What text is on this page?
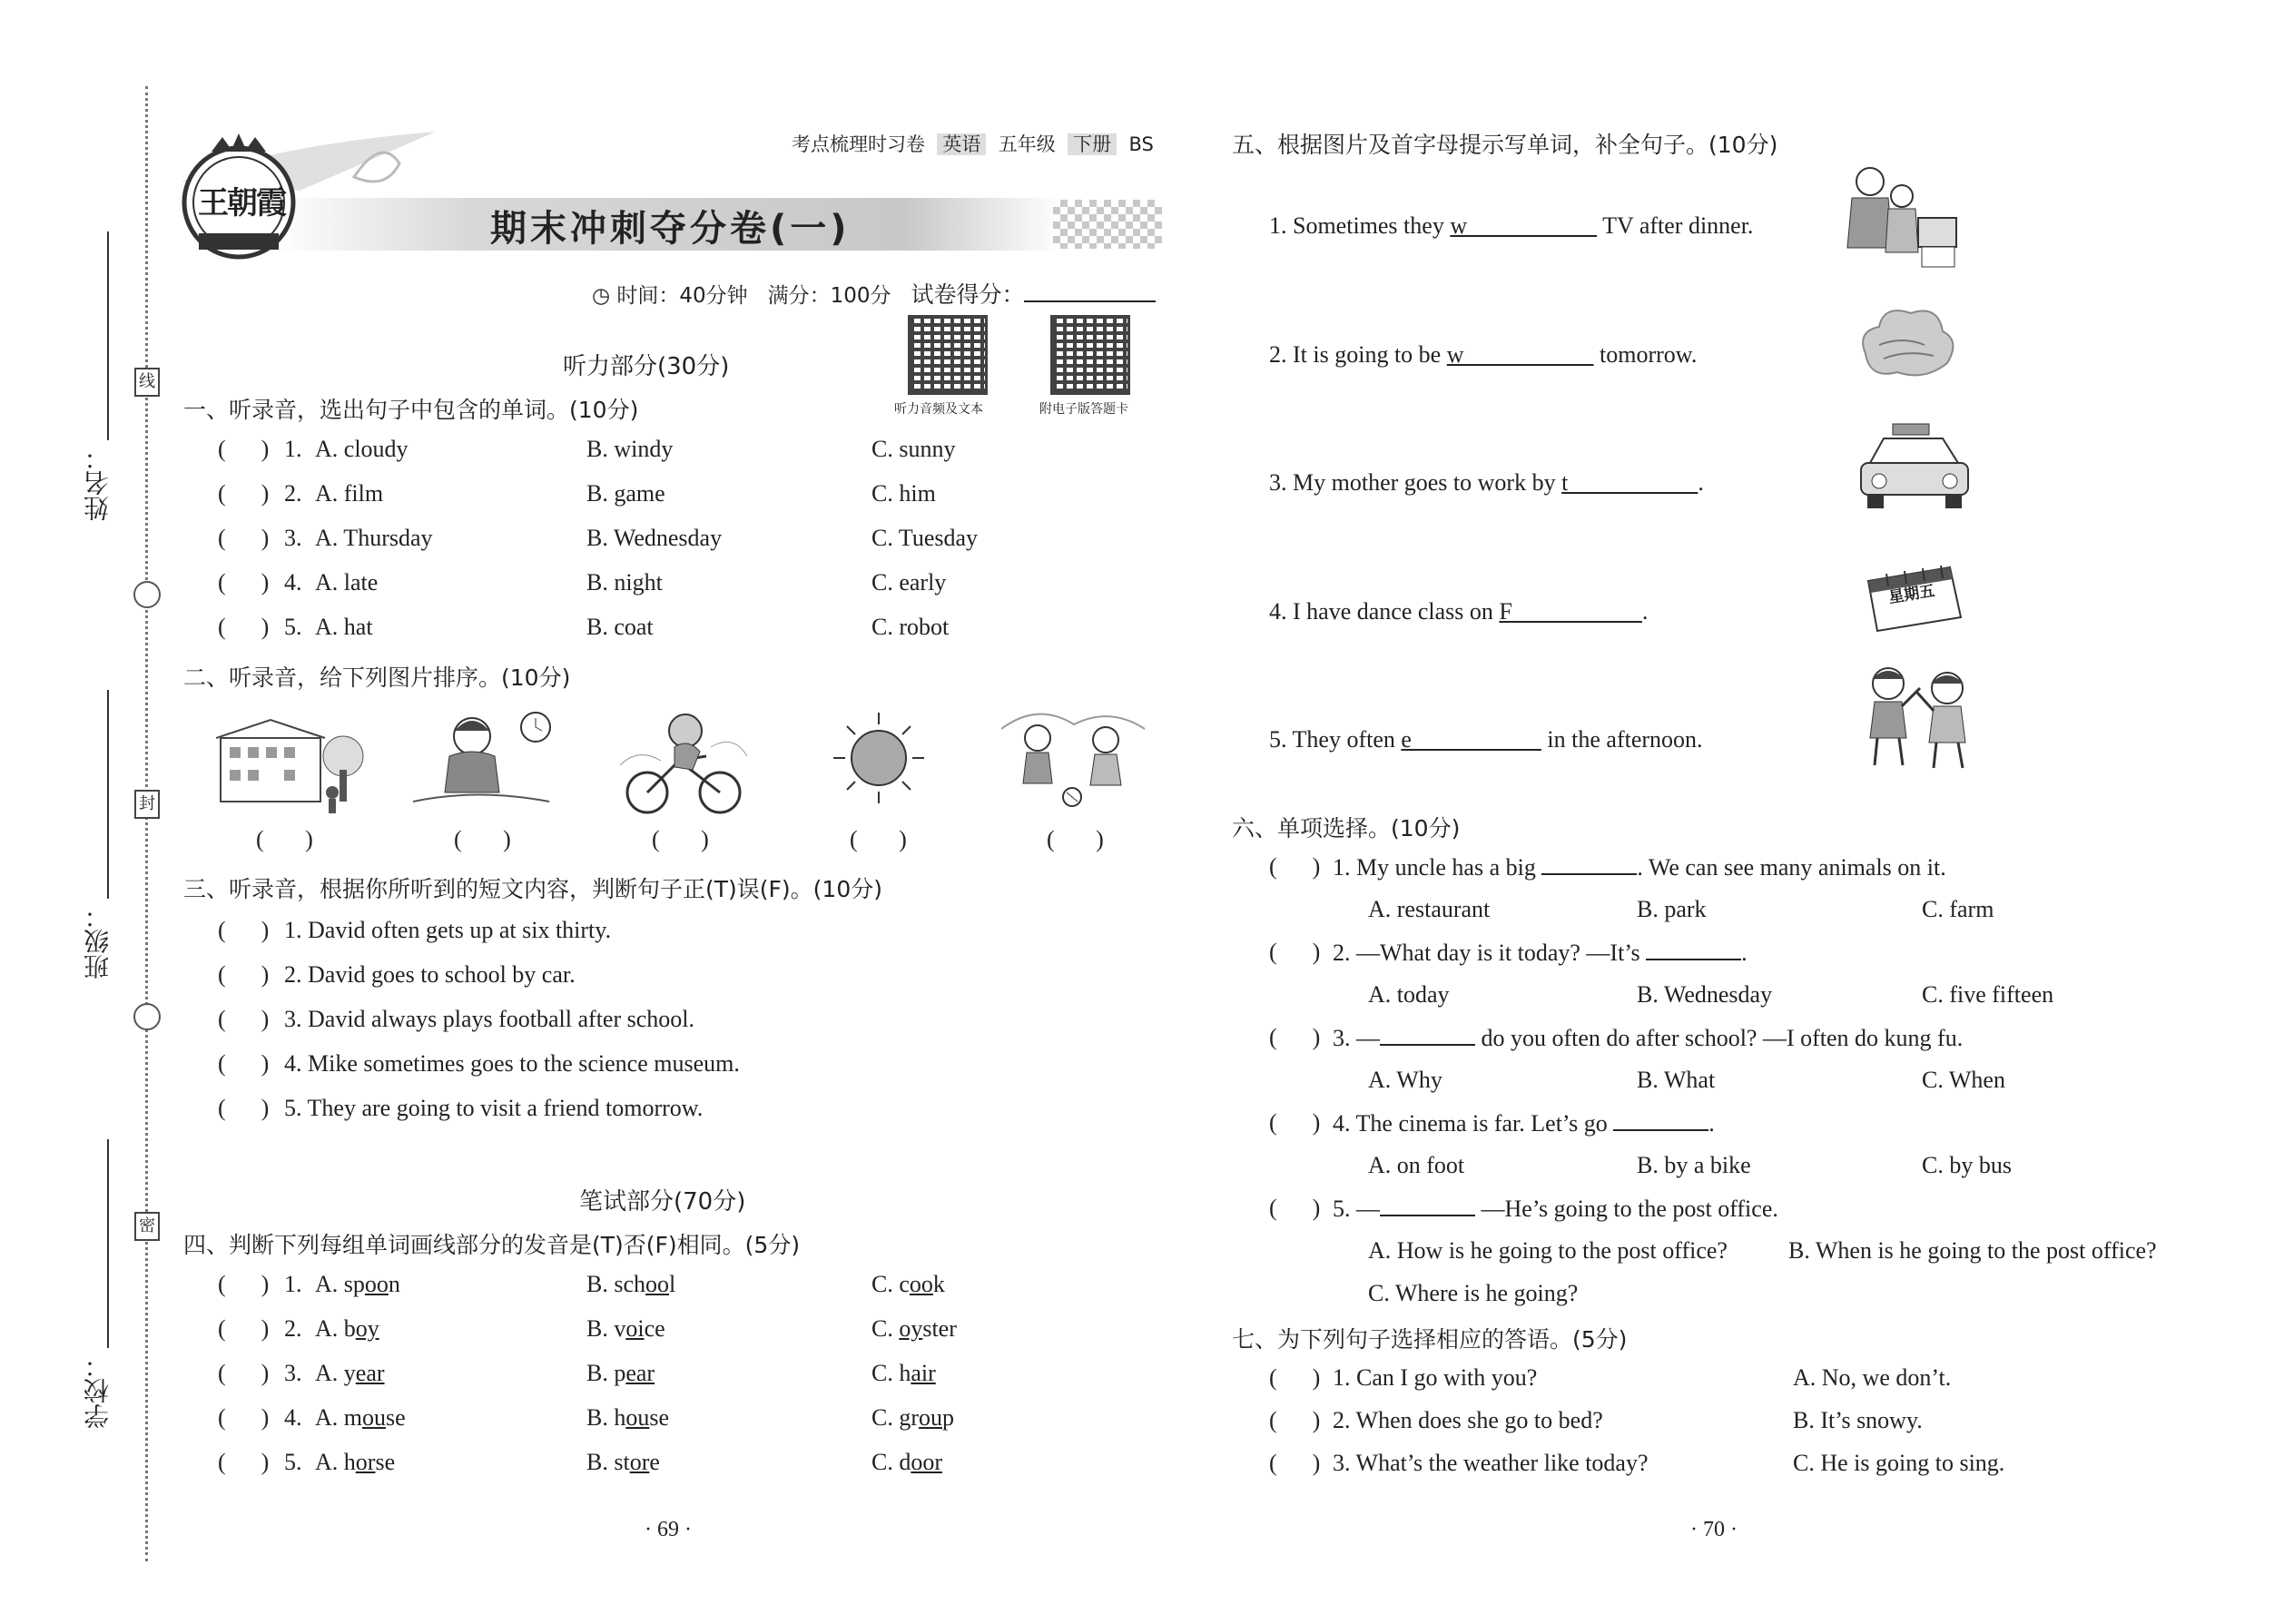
姓名：
班级：
学校：
线
封
密
王朝霞
考点梳理时习卷 英语 五年级 下册 BS
期末冲刺夺分卷(一)
◷ 时间：40分钟 满分：100分 试卷得分：
听力音频及文本	附电子版答题卡
听力部分(30分)
一、听录音，选出句子中包含的单词。(10分)
(      ) 1. A. cloudy	B. windy	C. sunny
(      ) 2. A. film	B. game	C. him
(      ) 3. A. Thursday	B. Wednesday	C. Tuesday
(      ) 4. A. late	B. night	C. early
(      ) 5. A. hat	B. coat	C. robot
二、听录音，给下列图片排序。(10分)
(       )	(       )	(       )	(       )	(       )
三、听录音，根据你所听到的短文内容，判断句子正(T)误(F)。(10分)
(      ) 1. David often gets up at six thirty.
(      ) 2. David goes to school by car.
(      ) 3. David always plays football after school.
(      ) 4. Mike sometimes goes to the science museum.
(      ) 5. They are going to visit a friend tomorrow.
笔试部分(70分)
四、判断下列每组单词画线部分的发音是(T)否(F)相同。(5分)
(      ) 1. A. spoon	B. school	C. cook
(      ) 2. A. boy	B. voice	C. oyster
(      ) 3. A. year	B. pear	C. hair
(      ) 4. A. mouse	B. house	C. group
(      ) 5. A. horse	B. store	C. door
· 69 ·
五、根据图片及首字母提示写单词，补全句子。(10分)
1. Sometimes they w                       TV after dinner.
2. It is going to be w                       tomorrow.
3. My mother goes to work by t                      .
4. I have dance class on F                      .
5. They often e                       in the afternoon.
星期五
六、单项选择。(10分)
(      ) 1. My uncle has a big	. We can see many animals on it.
A. restaurant	B. park	C. farm
(      ) 2. —What day is it today? —It’s	.
A. today	B. Wednesday	C. five fifteen
(      ) 3. —	do you often do after school? —I often do kung fu.
A. Why	B. What	C. When
(      ) 4. The cinema is far. Let’s go	.
A. on foot	B. by a bike	C. by bus
(      ) 5. —	—He’s going to the post office.
A. How is he going to the post office?	B. When is he going to the post office?
C. Where is he going?
七、为下列句子选择相应的答语。(5分)
(      ) 1. Can I go with you?	A. No, we don’t.
(      ) 2. When does she go to bed?	B. It’s snowy.
(      ) 3. What’s the weather like today?	C. He is going to sing.
· 70 ·
